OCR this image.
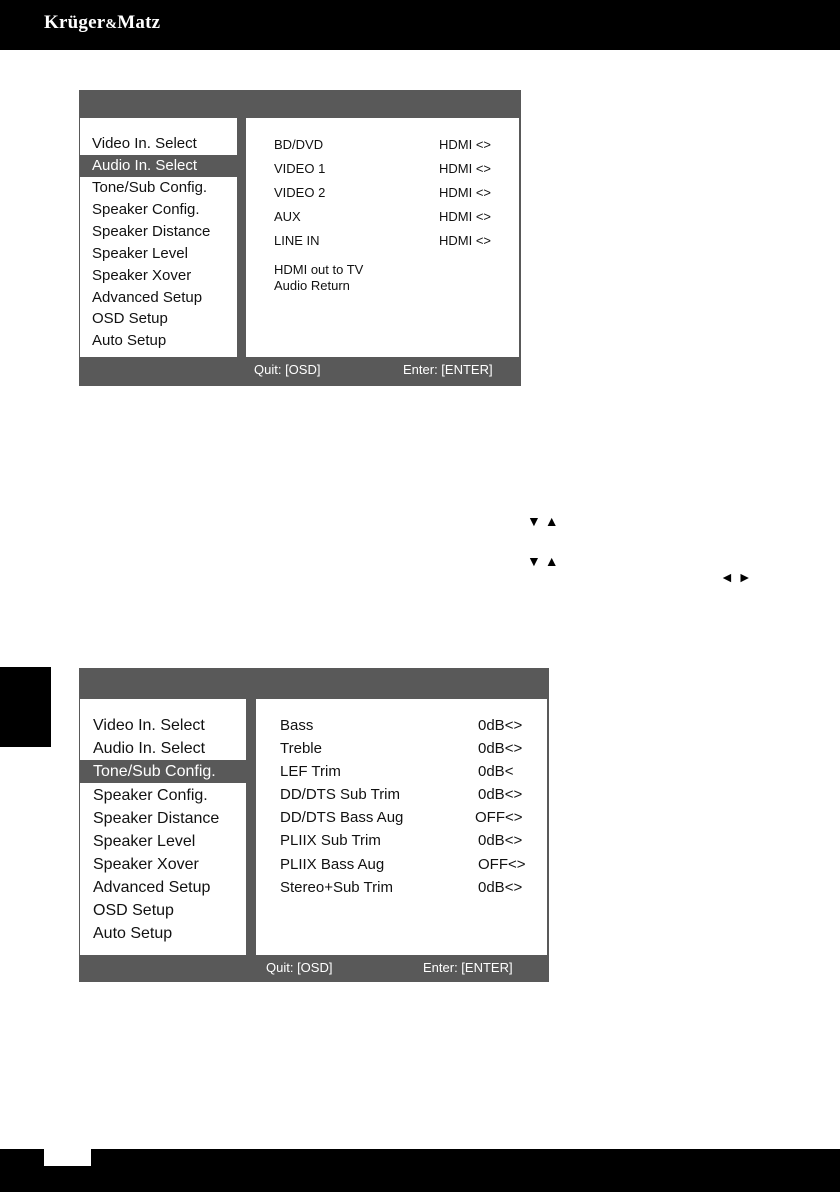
Krüger&Matz
Video In. Select
Audio In. Select
Tone/Sub Config.
Speaker Config.
Speaker Distance
Speaker Level
Speaker Xover
Advanced Setup
OSD Setup
Auto Setup
BD/DVD	HDMI <>
VIDEO 1	HDMI <>
VIDEO 2	HDMI <>
AUX	HDMI <>
LINE IN	HDMI <>
HDMI out to TV
Audio Return
Quit: [OSD]	Enter: [ENTER]
▼ ▲
▼ ▲
◄ ►
Video In. Select
Audio In. Select
Tone/Sub Config.
Speaker Config.
Speaker Distance
Speaker Level
Speaker Xover
Advanced Setup
OSD Setup
Auto Setup
Bass	0dB<>
Treble	0dB<>
LEF Trim	0dB<
DD/DTS Sub Trim	0dB<>
DD/DTS Bass Aug	OFF<>
PLIIX Sub Trim	0dB<>
PLIIX Bass Aug	OFF<>
Stereo+Sub Trim	0dB<>
Quit: [OSD]	Enter: [ENTER]
